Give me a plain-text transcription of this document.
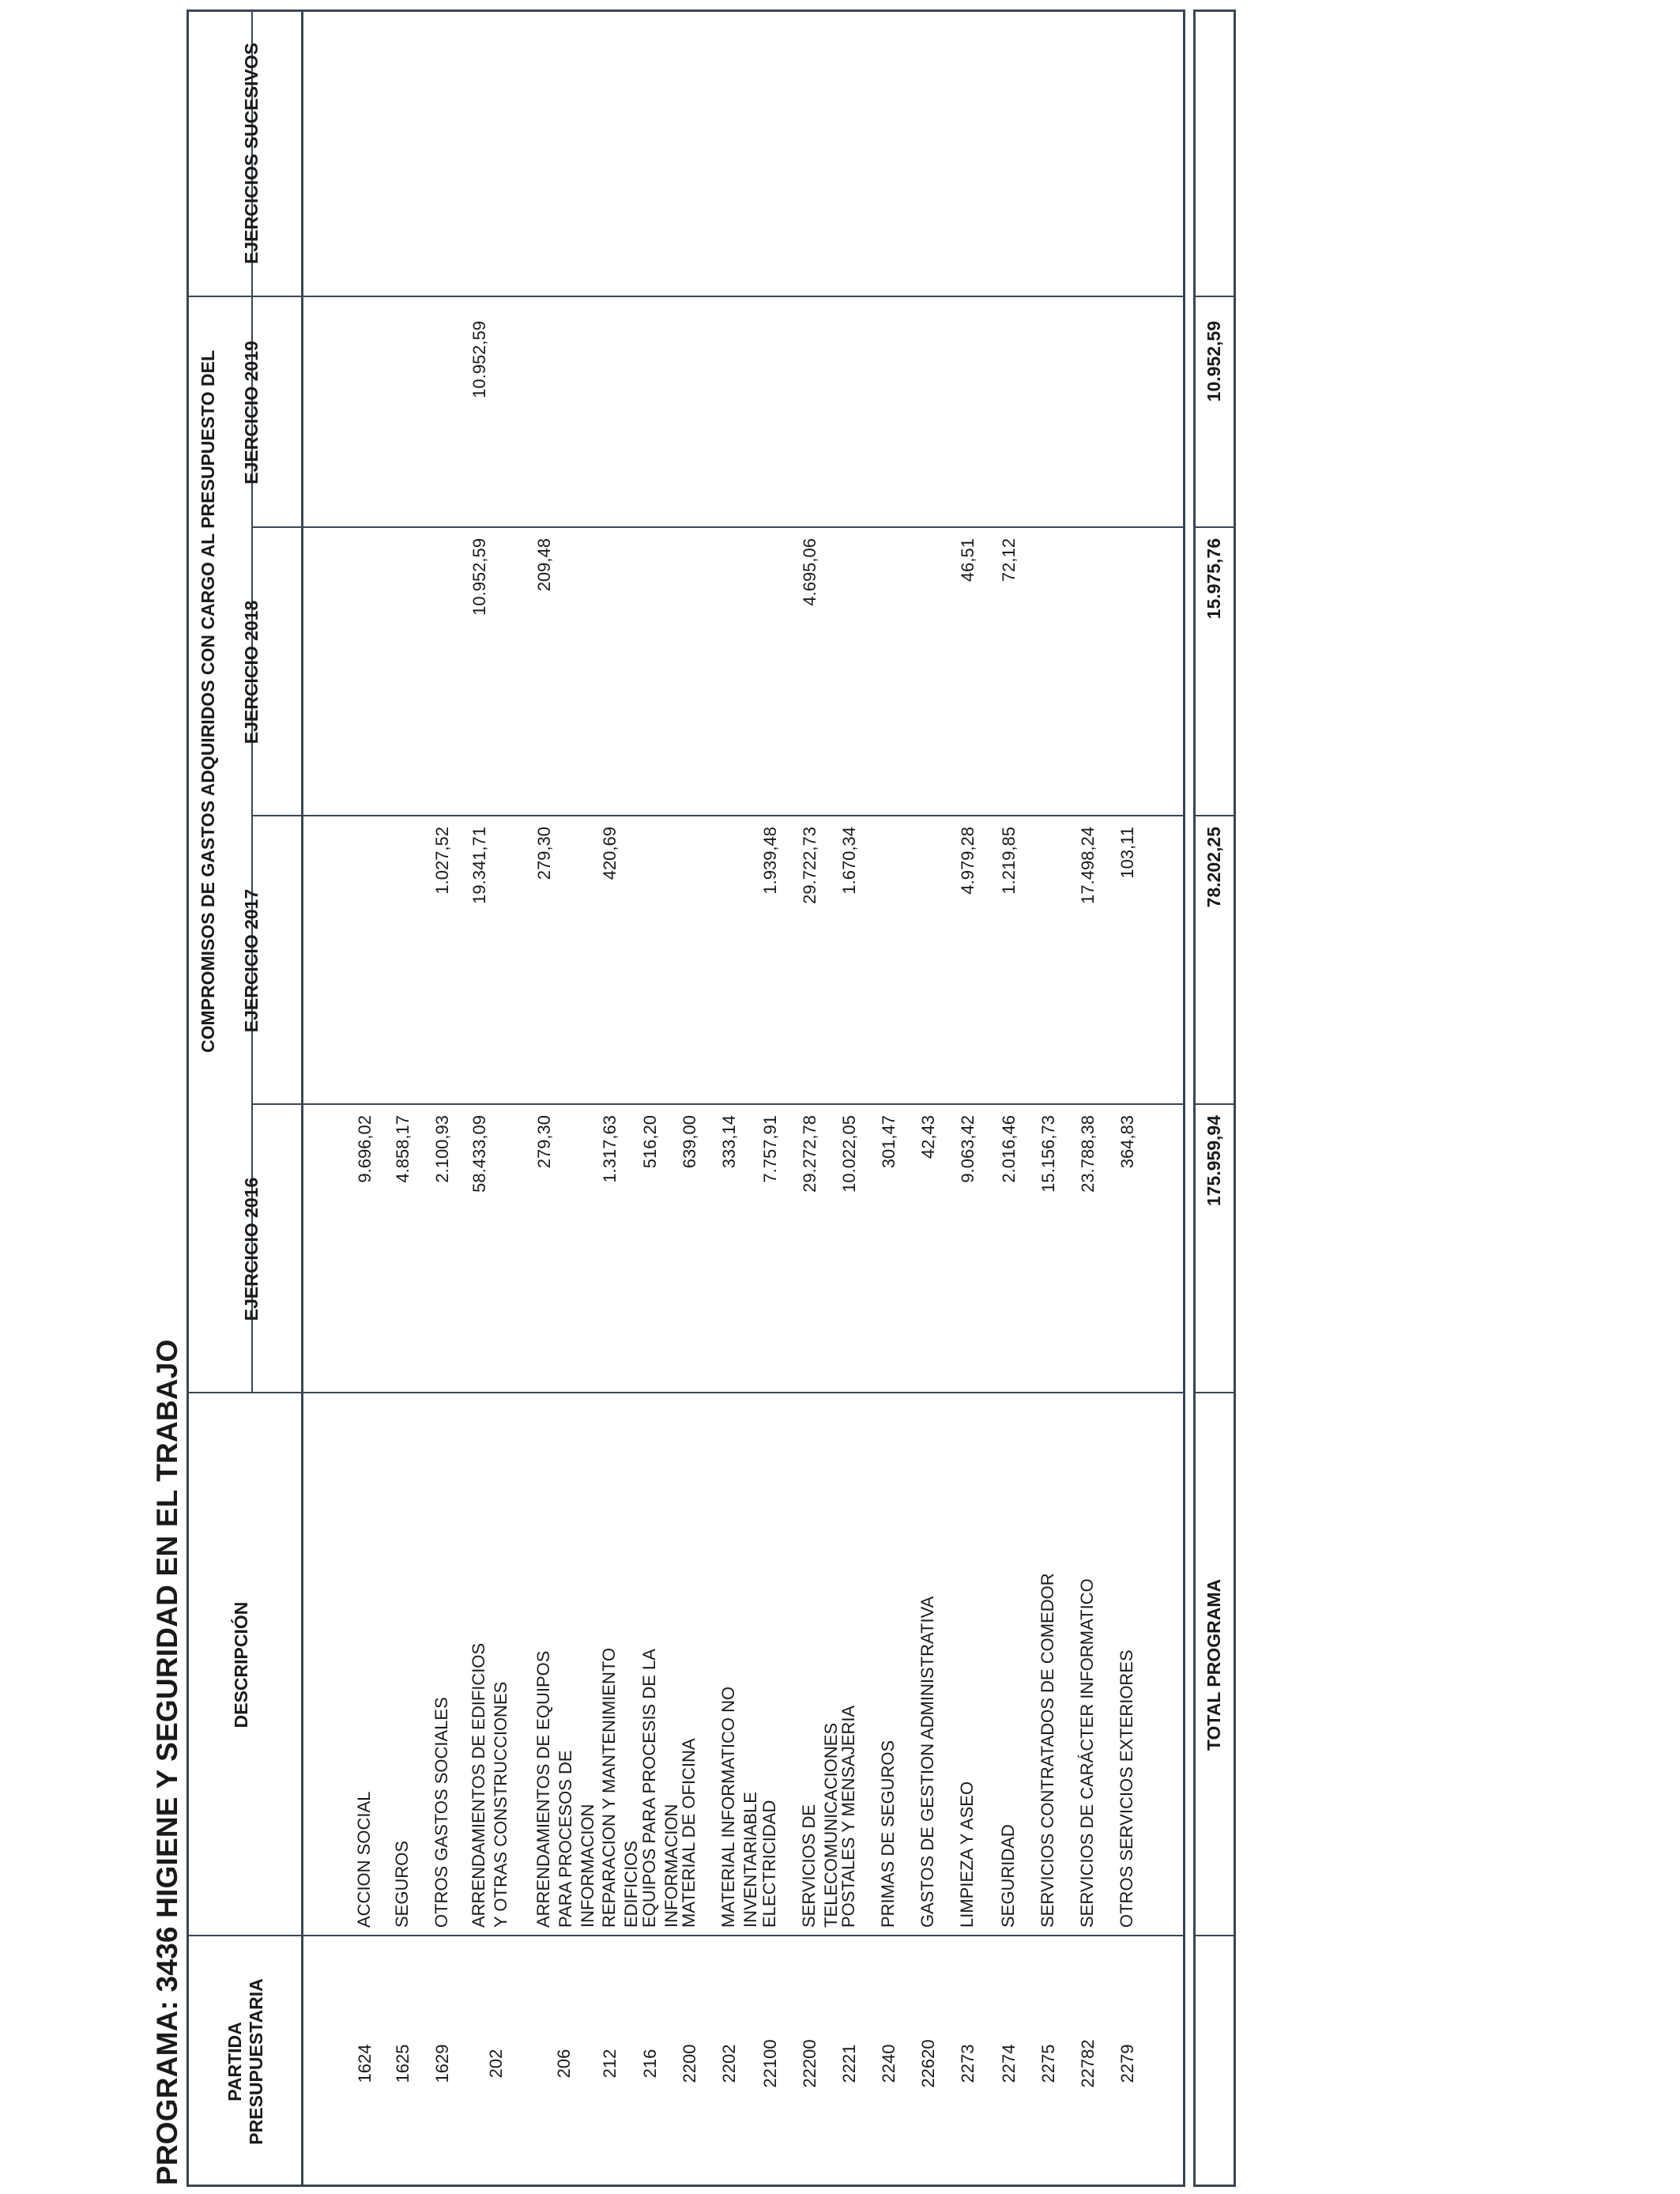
PROGRAMA: 3436 HIGIENE Y SEGURIDAD EN EL TRABAJO PARTIDA PRESUPUESTARIA
DESCRIPCIÓN
COMPROMISOS DE GASTOS ADQUIRIDOS CON CARGO AL PRESUPUESTO DEL
EJERCICIO 2016
EJERCICIO 2017
EJERCICIO 2018
EJERCICIO 2019
EJERCICIOS SUCESIVOS
1624
ACCION SOCIAL
9.696,02
1625
SEGUROS
4.858,17
1629
OTROS GASTOS SOCIALES
2.100,93
1.027,52
202
ARRENDAMIENTOS DE EDIFICIOS Y OTRAS CONSTRUCCIONES
58.433,09
19.341,71
10.952,59
10.952,59
206
ARRENDAMIENTOS DE EQUIPOS PARA PROCESOS DE INFORMACION
279,30
279,30
209,48
212
REPARACION Y MANTENIMIENTO EDIFICIOS
1.317,63
420,69
216
EQUIPOS PARA PROCESIS DE LA INFORMACION
516,20
2200
MATERIAL DE OFICINA
639,00
2202
MATERIAL INFORMATICO NO INVENTARIABLE
333,14
22100
ELECTRICIDAD
7.757,91
1.939,48
22200
SERVICIOS DE TELECOMUNICACIONES
29.272,78
29.722,73
4.695,06
2221
POSTALES Y MENSAJERIA
10.022,05
1.670,34
2240
PRIMAS DE SEGUROS
301,47
22620
GASTOS DE GESTION ADMINISTRATIVA
42,43
2273
LIMPIEZA Y ASEO
9.063,42
4.979,28
46,51
2274
SEGURIDAD
2.016,46
1.219,85
72,12
2275
SERVICIOS CONTRATADOS DE COMEDOR
15.156,73
22782
SERVICIOS DE CARÁCTER INFORMATICO
23.788,38
17.498,24
2279
OTROS SERVICIOS EXTERIORES
364,83
103,11
TOTAL PROGRAMA
175.959,94
78.202,25
15.975,76
10.952,59
